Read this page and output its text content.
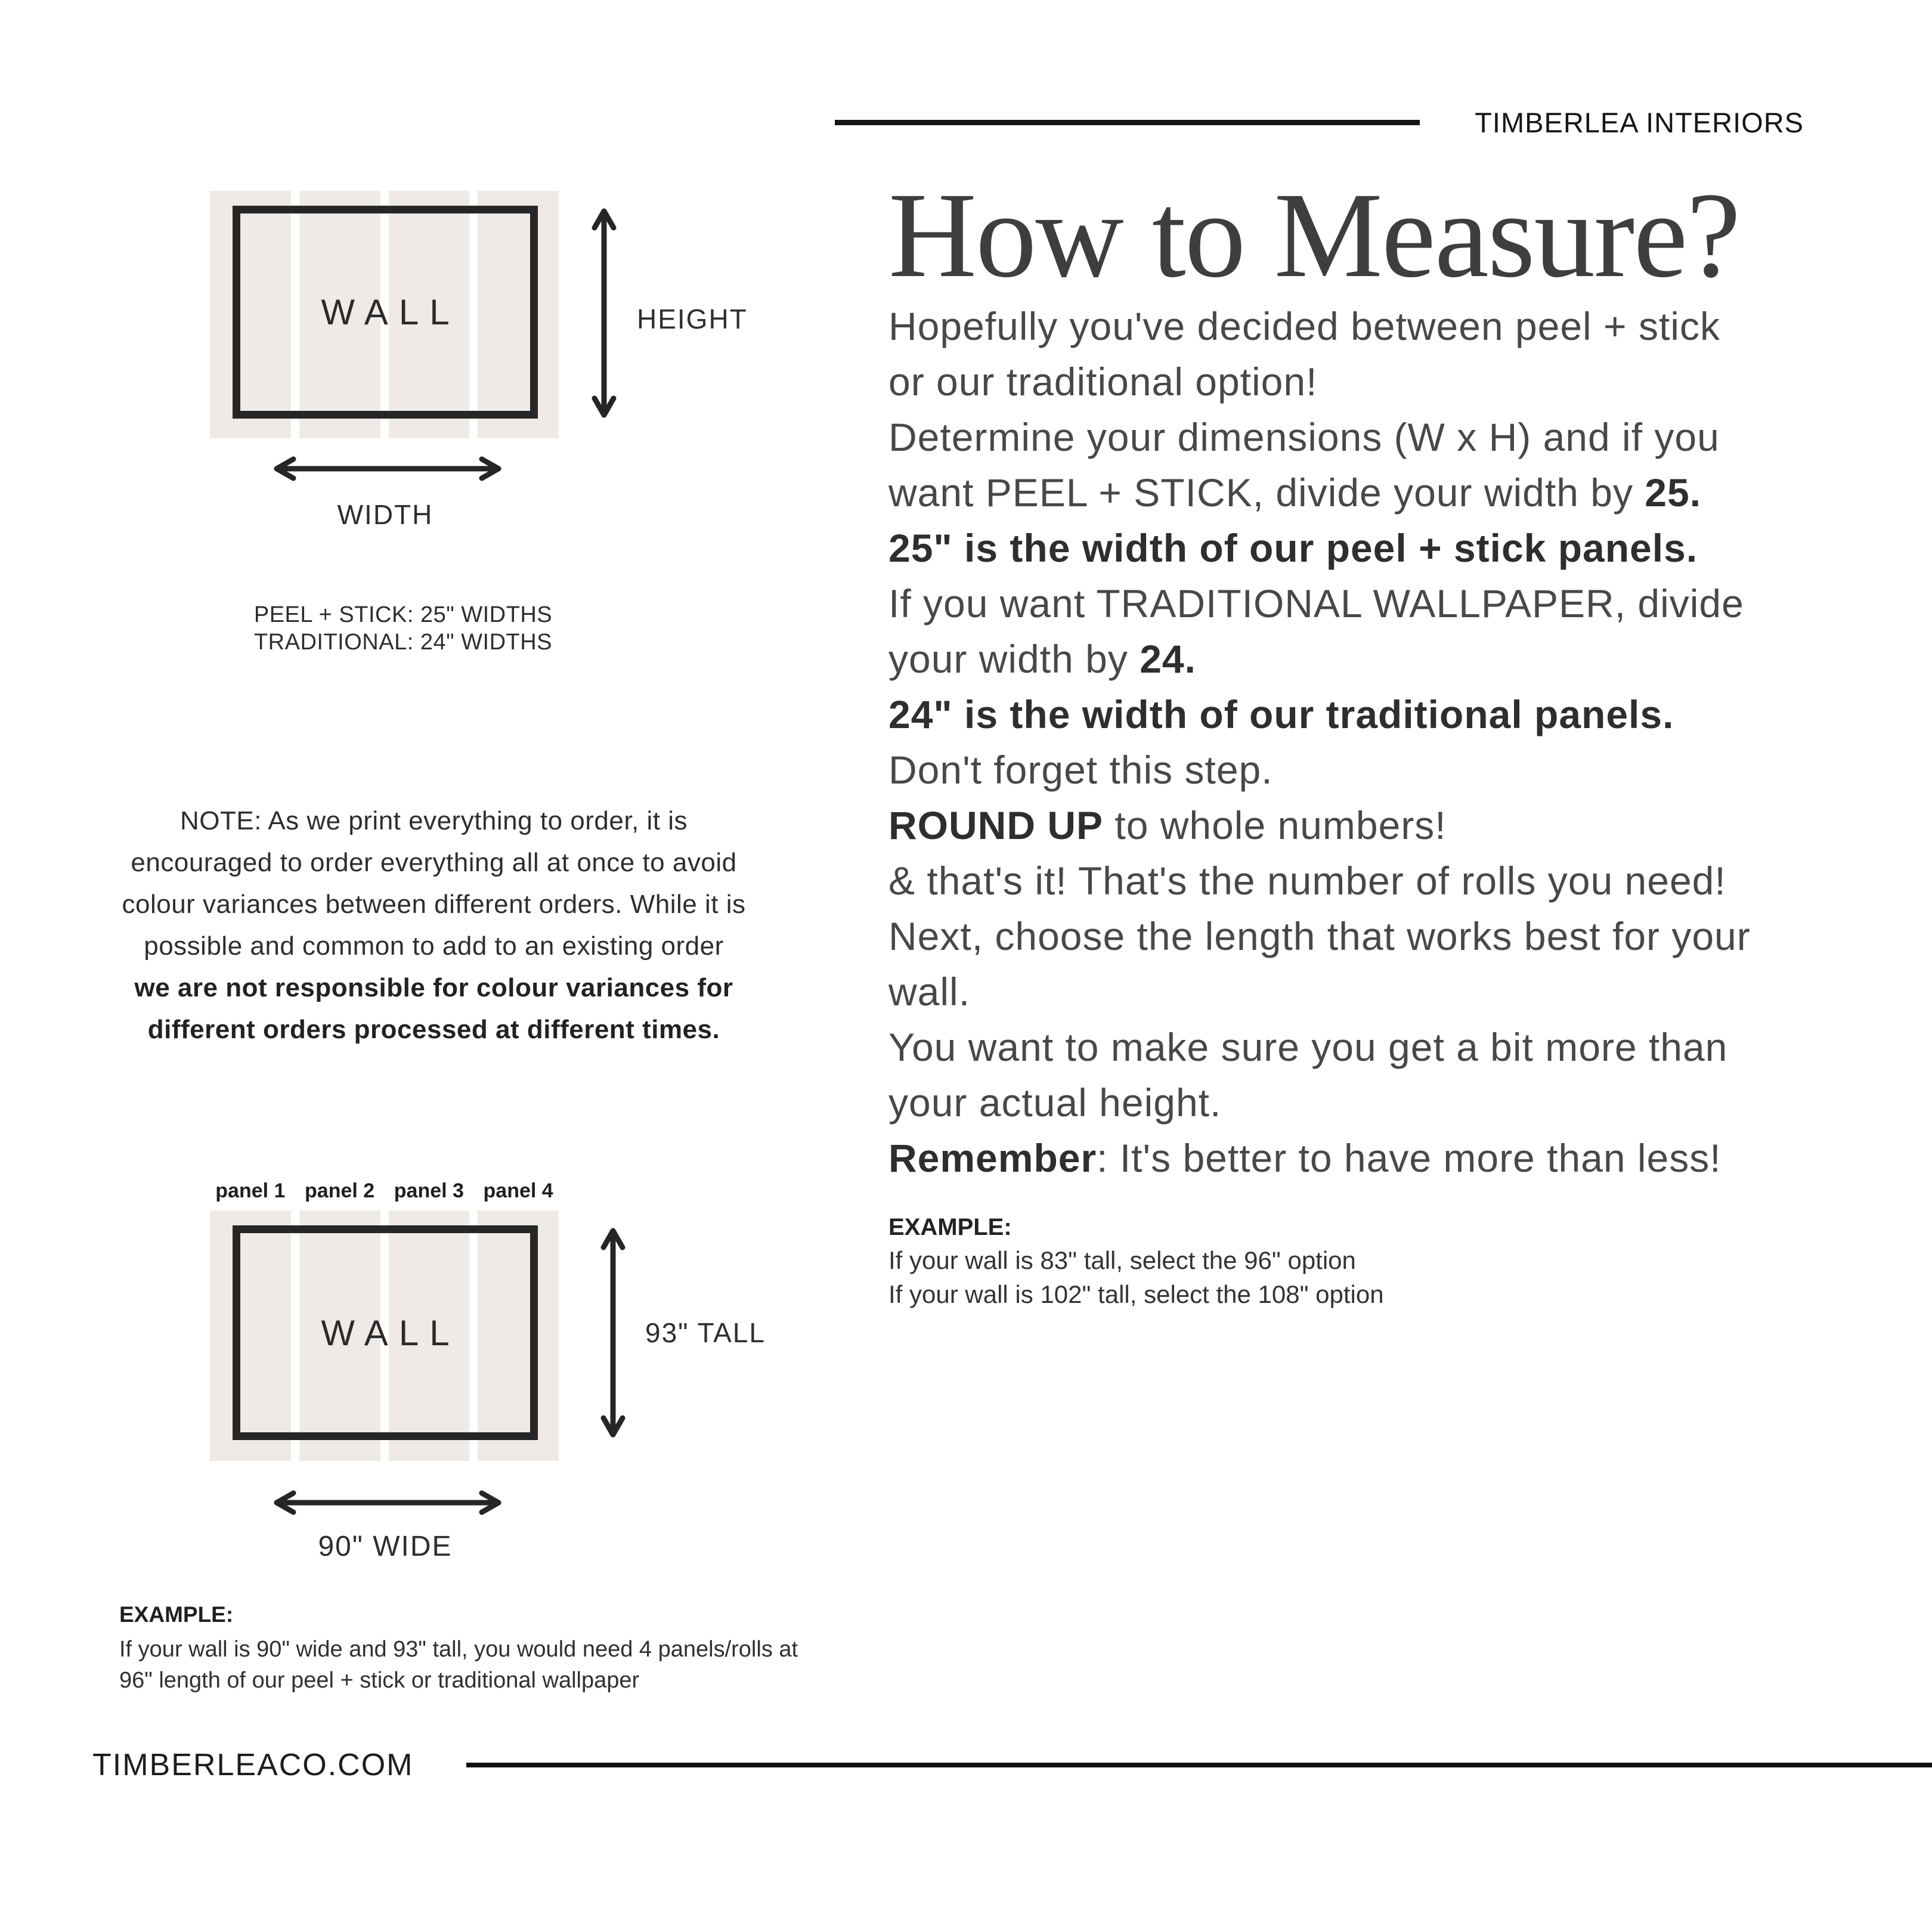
TIMBERLEA INTERIORS
WALL	HEIGHT
WIDTH
PEEL + STICK: 25" WIDTHS
TRADITIONAL: 24" WIDTHS
NOTE: As we print everything to order, it is
encouraged to order everything all at once to avoid
colour variances between different orders. While it is
possible and common to add to an existing order
we are not responsible for colour variances for
different orders processed at different times.
panel 1 panel 2 panel 3 panel 4
WALL	93" TALL
90" WIDE
EXAMPLE:
If your wall is 90" wide and 93" tall, you would need 4 panels/rolls at
96" length of our peel + stick or traditional wallpaper
How to Measure?

Hopefully you've decided between peel + stick
or our traditional option!

Determine your dimensions (W x H) and if you
want PEEL + STICK, divide your width by 25.
25" is the width of our peel + stick panels.

If you want TRADITIONAL WALLPAPER, divide
your width by 24.
24" is the width of our traditional panels.

Don't forget this step.
ROUND UP to whole numbers!

& that's it! That's the number of rolls you need!

Next, choose the length that works best for your
wall.
You want to make sure you get a bit more than
your actual height.
Remember: It's better to have more than less!

EXAMPLE:
If your wall is 83" tall, select the 96" option
If your wall is 102" tall, select the 108" option
TIMBERLEACO.COM
